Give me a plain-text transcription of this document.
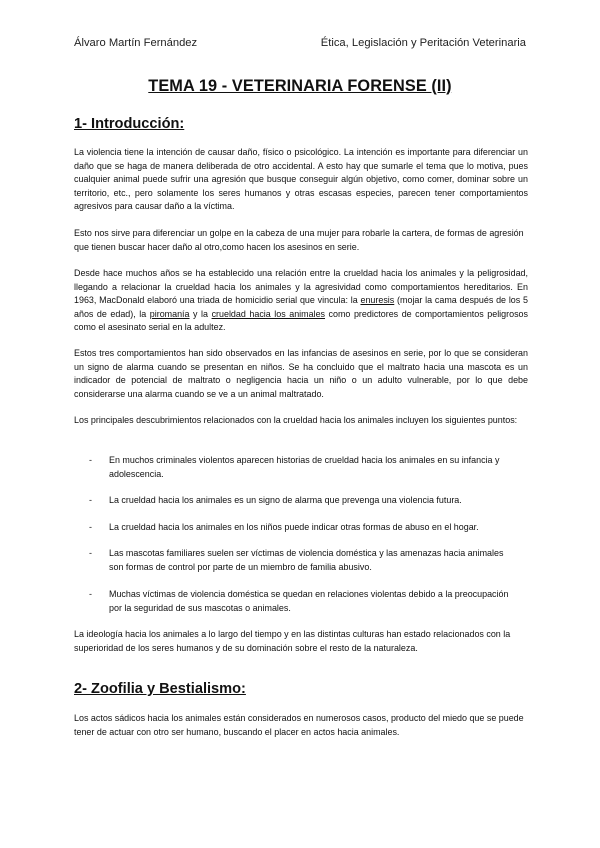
Álvaro Martín Fernández	Ética, Legislación y Peritación Veterinaria
TEMA 19 - VETERINARIA FORENSE (II)
1- Introducción:

La violencia tiene la intención de causar daño, físico o psicológico. La intención es importante para diferenciar un daño que se haga de manera deliberada de otro accidental. A esto hay que sumarle el tema que lo motiva, pues cualquier animal puede sufrir una agresión que busque conseguir algún objetivo, como comer, dominar sobre un territorio, etc., pero solamente los seres humanos y otras escasas especies, parecen tener comportamientos agresivos para causar daño a la víctima.

Esto nos sirve para diferenciar un golpe en la cabeza de una mujer para robarle la cartera, de formas de agresión que tienen buscar hacer daño al otro,como hacen los asesinos en serie.

Desde hace muchos años se ha establecido una relación entre la crueldad hacia los animales y la peligrosidad, llegando a relacionar la crueldad hacia los animales y la agresividad como comportamientos hereditarios. En 1963, MacDonald elaboró una triada de homicidio serial que vincula: la enuresis (mojar la cama después de los 5 años de edad), la piromanía y la crueldad hacia los animales como predictores de comportamientos peligrosos como el asesinato serial en la adultez.

Estos tres comportamientos han sido observados en las infancias de asesinos en serie, por lo que se consideran un signo de alarma cuando se presentan en niños. Se ha concluido que el maltrato hacia una mascota es un indicador de potencial de maltrato o negligencia hacia un niño o un adulto vulnerable, por lo que debe considerarse una alarma cuando se ve a un animal maltratado.

Los principales descubrimientos relacionados con la crueldad hacia los animales incluyen los siguientes puntos:

- En muchos criminales violentos aparecen historias de crueldad hacia los animales en su infancia y adolescencia.
- La crueldad hacia los animales es un signo de alarma que prevenga una violencia futura.
- La crueldad hacia los animales en los niños puede indicar otras formas de abuso en el hogar.
- Las mascotas familiares suelen ser víctimas de violencia doméstica y las amenazas hacia animales son formas de control por parte de un miembro de familia abusivo.
- Muchas víctimas de violencia doméstica se quedan en relaciones violentas debido a la preocupación por la seguridad de sus mascotas o animales.

La ideología hacia los animales a lo largo del tiempo y en las distintas culturas han estado relacionados con la superioridad de los seres humanos y de su dominación sobre el resto de la naturaleza.

2- Zoofilia y Bestialismo:

Los actos sádicos hacia los animales están considerados en numerosos casos, producto del miedo que se puede tener de actuar con otro ser humano, buscando el placer en actos hacia animales.
